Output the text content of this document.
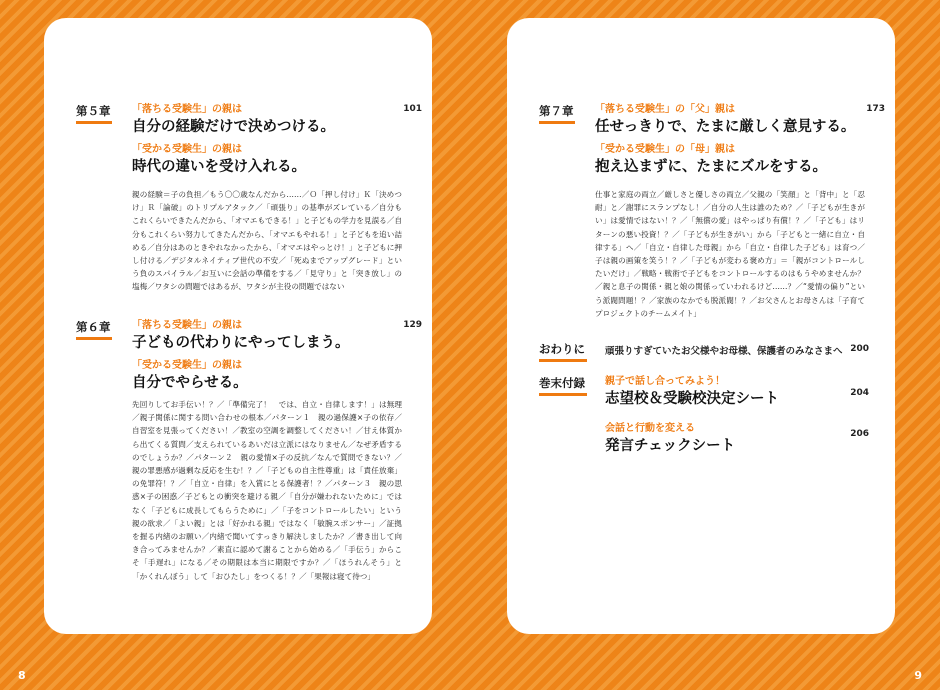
第５章	101
「落ちる受験生」の親は
自分の経験だけで決めつける。
「受かる受験生」の親は
時代の違いを受け入れる。
親の経験＝子の負担／もう〇〇歳なんだから……／Ｏ「押し付け」Ｋ「決めつけ」Ｒ「論破」のトリプルアタック／「頑張り」の基準がズレている／自分もこれくらいできたんだから、「オマエもできる！」と子どもの学力を見誤る／自分もこれくらい努力してきたんだから、「オマエもやれる！」と子どもを追い詰める／自分はあのときやれなかったから、「オマエはやっとけ！」と子どもに押し付ける／デジタルネイティブ世代の不安／「死ぬまでアップグレード」という負のスパイラル／お互いに会話の準備をする／「見守り」と「突き放し」の塩梅／ワタシの問題ではあるが、ワタシが主役の問題ではない
第６章	129
「落ちる受験生」の親は
子どもの代わりにやってしまう。
「受かる受験生」の親は
自分でやらせる。
先回りしてお手伝い！？／「準備完了！　では、自立・自律します！」は無理／親子関係に関する問い合わせの根本／パターン１　親の過保護×子の依存／自習室を見張ってください！／教室の空調を調整してください！／甘え体質から出てくる質問／支えられているあいだは立派にはなりません／なぜ矛盾するのでしょうか？／パターン２　親の愛情×子の反抗／なんで質問できない？／親の罪悪感が過剰な反応を生む！？／「子どもの自主性尊重」は「責任放棄」の免罪符！？／「自立・自律」を入賞にとる保護者！？／パターン３　親の思惑×子の困惑／子どもとの衝突を避ける親／「自分が嫌われないために」ではなく「子どもに成長してもらうために」／「子をコントロールしたい」という親の欲求／「よい親」とは「好かれる親」ではなく「敏腕スポンサー」／証拠を握る内緒のお願い／内緒で聞いてすっきり解決しましたか？／書き出して向き合ってみませんか？／素直に認めて謝ることから始める／「手伝う」からこそ「手遅れ」になる／その期限は本当に期限ですか？／「ほうれんそう」と「かくれんぼう」して「おひたし」をつくる！？／「果報は寝て待つ」
第７章	173
「落ちる受験生」の「父」親は
任せっきりで、たまに厳しく意見する。
「受かる受験生」の「母」親は
抱え込まずに、たまにズルをする。
仕事と家庭の両立／厳しさと優しさの両立／父親の「笑顔」と「背中」と「忍耐」と／謝罪にスランプなし！／自分の人生は誰のため？／「子どもが生きがい」は愛情ではない！？／「無償の愛」はやっぱり有償！？／「子ども」はリターンの悪い投資！？／「子どもが生きがい」から「子どもと一緒に自立・自律する」へ／「自立・自律した母親」から「自立・自律した子ども」は育つ／子は親の画策を笑う！？／「子どもが変わる褒め方」＝「親がコントロールしたいだけ」／戦略・戦術で子どもをコントロールするのはもうやめませんか？／親と息子の関係・親と娘の関係っていわれるけど……？／“愛情の偏り”という派閥問題！？／家族のなかでも脱派閥！？／お父さんとお母さんは「子育てプロジェクトのチームメイト」
おわりに	頑張りすぎていたお父様やお母様、保護者のみなさまへ 200
巻末付録	親子で話し合ってみよう！
志望校＆受験校決定シート	204
会話と行動を変える
発言チェックシート
206
8	9
